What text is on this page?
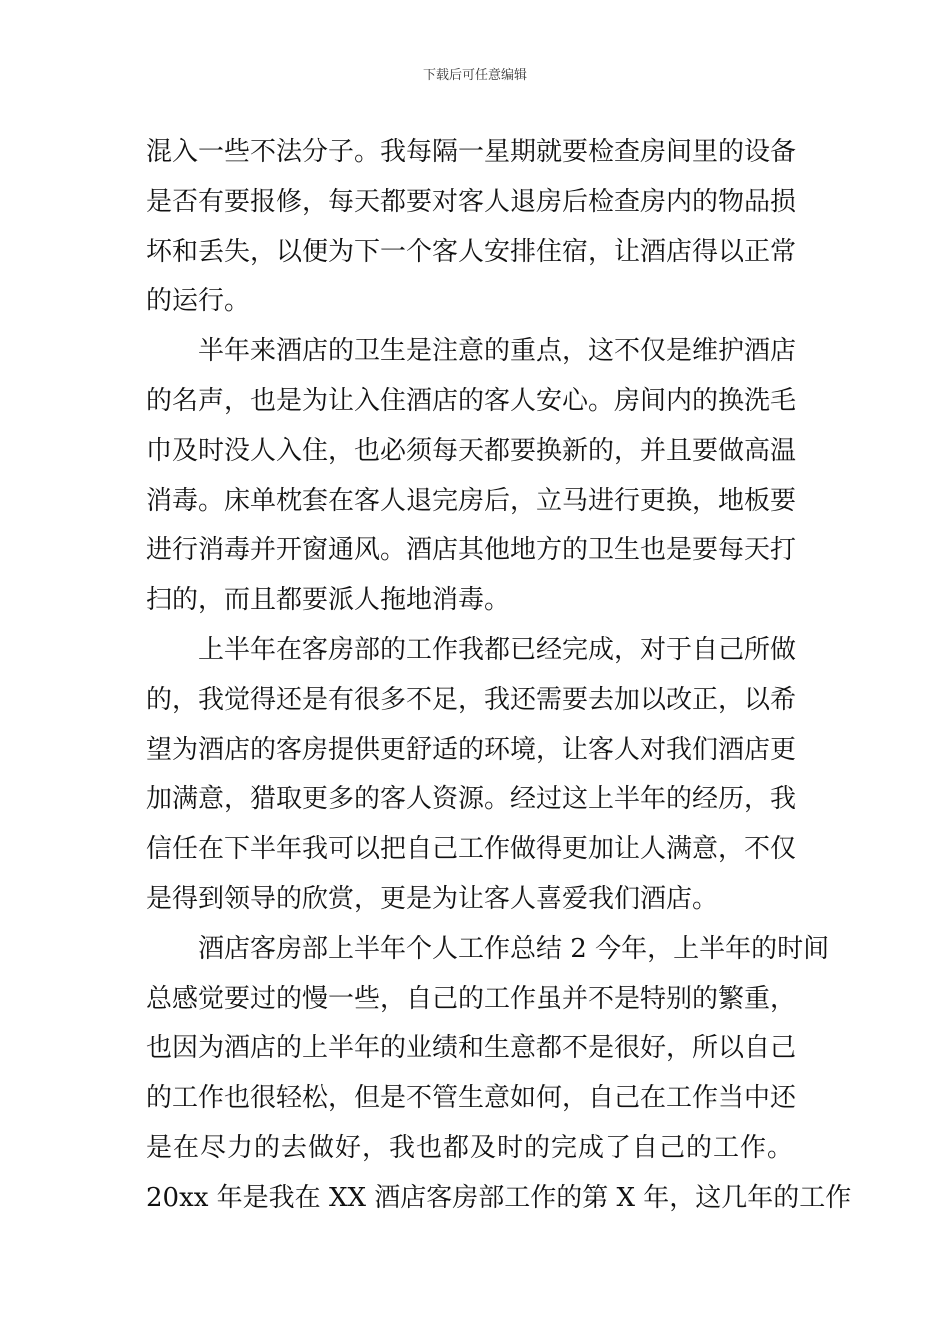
下载后可任意编辑
混入一些不法分子。我每隔一星期就要检查房间里的设备
是否有要报修，每天都要对客人退房后检查房内的物品损
坏和丢失，以便为下一个客人安排住宿，让酒店得以正常
的运行。
半年来酒店的卫生是注意的重点，这不仅是维护酒店
的名声，也是为让入住酒店的客人安心。房间内的换洗毛
巾及时没人入住，也必须每天都要换新的，并且要做高温
消毒。床单枕套在客人退完房后，立马进行更换，地板要
进行消毒并开窗通风。酒店其他地方的卫生也是要每天打
扫的，而且都要派人拖地消毒。
上半年在客房部的工作我都已经完成，对于自己所做
的，我觉得还是有很多不足，我还需要去加以改正，以希
望为酒店的客房提供更舒适的环境，让客人对我们酒店更
加满意，猎取更多的客人资源。经过这上半年的经历，我
信任在下半年我可以把自己工作做得更加让人满意，不仅
是得到领导的欣赏，更是为让客人喜爱我们酒店。
酒店客房部上半年个人工作总结 2 今年，上半年的时间
总感觉要过的慢一些，自己的工作虽并不是特别的繁重，
也因为酒店的上半年的业绩和生意都不是很好，所以自己
的工作也很轻松，但是不管生意如何，自己在工作当中还
是在尽力的去做好，我也都及时的完成了自己的工作。
20xx 年是我在 XX 酒店客房部工作的第 X 年，这几年的工作
